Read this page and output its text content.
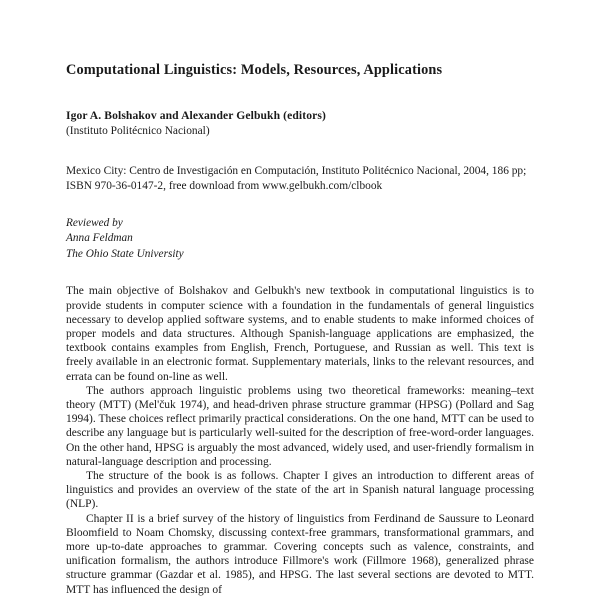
Computational Linguistics: Models, Resources, Applications
Igor A. Bolshakov and Alexander Gelbukh (editors)
(Instituto Politécnico Nacional)
Mexico City: Centro de Investigación en Computación, Instituto Politécnico Nacional, 2004, 186 pp; ISBN 970-36-0147-2, free download from www.gelbukh.com/clbook
Reviewed by
Anna Feldman
The Ohio State University

The main objective of Bolshakov and Gelbukh's new textbook in computational linguistics is to provide students in computer science with a foundation in the fundamentals of general linguistics necessary to develop applied software systems, and to enable students to make informed choices of proper models and data structures. Although Spanish-language applications are emphasized, the textbook contains examples from English, French, Portuguese, and Russian as well. This text is freely available in an electronic format. Supplementary materials, links to the relevant resources, and errata can be found on-line as well.

The authors approach linguistic problems using two theoretical frameworks: meaning–text theory (MTT) (Mel'čuk 1974), and head-driven phrase structure grammar (HPSG) (Pollard and Sag 1994). These choices reflect primarily practical considerations. On the one hand, MTT can be used to describe any language but is particularly well-suited for the description of free-word-order languages. On the other hand, HPSG is arguably the most advanced, widely used, and user-friendly formalism in natural-language description and processing.

The structure of the book is as follows. Chapter I gives an introduction to different areas of linguistics and provides an overview of the state of the art in Spanish natural language processing (NLP).

Chapter II is a brief survey of the history of linguistics from Ferdinand de Saussure to Leonard Bloomfield to Noam Chomsky, discussing context-free grammars, transformational grammars, and more up-to-date approaches to grammar. Covering concepts such as valence, constraints, and unification formalism, the authors introduce Fillmore's work (Fillmore 1968), generalized phrase structure grammar (Gazdar et al. 1985), and HPSG. The last several sections are devoted to MTT. MTT has influenced the design of
